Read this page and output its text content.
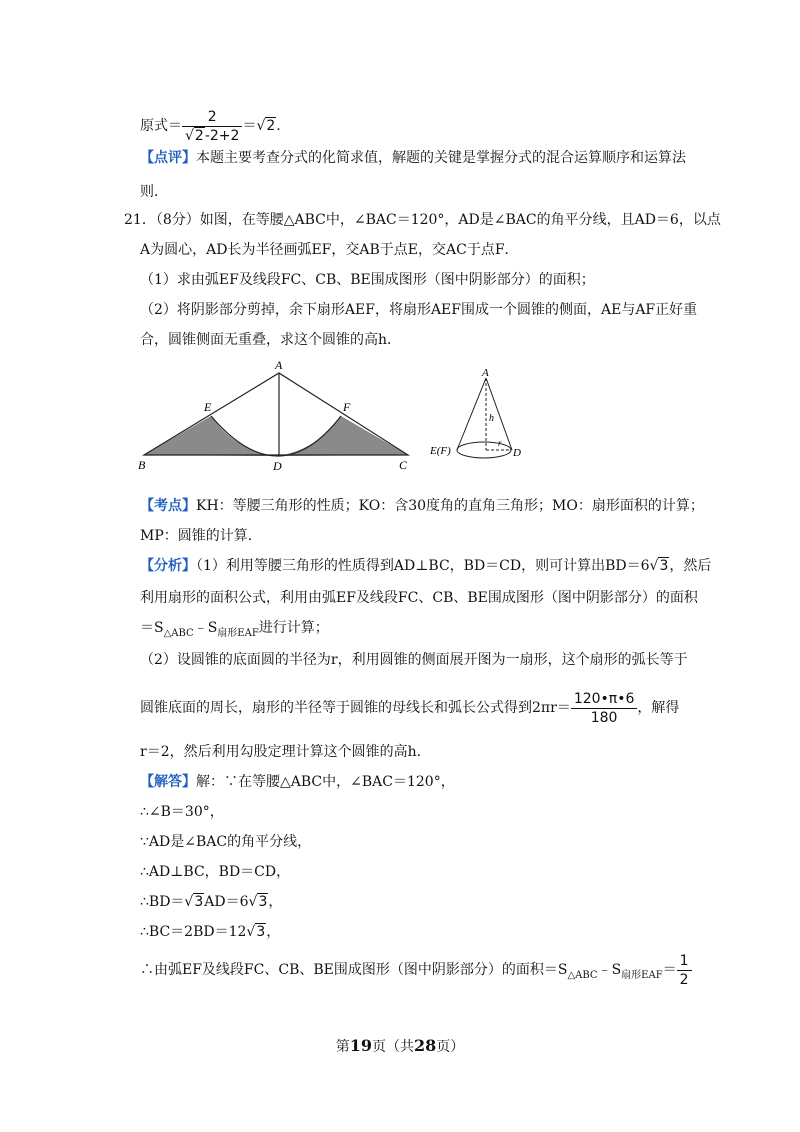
原式＝ $\frac{2}{√2-2+2} =√2$.
【点评】本题主要考查分式的化简求值，解题的关键是掌握分式的混合运算顺序和运算法
则．
21．（8分）如图，在等腰△ABC中，∠BAC＝120°，AD是∠BAC的角平分线，且AD＝6，以点
A为圆心，AD长为半径画弧EF，交AB于点E，交AC于点F．
（1）求由弧EF及线段FC、CB、BE围成图形（图中阴影部分）的面积；
（2）将阴影部分剪掉，余下扇形AEF，将扇形AEF围成一个圆锥的侧面，AE与AF正好重
合，圆锥侧面无重叠，求这个圆锥的高h．
A
B	C
D
E	F
A
h
r
E(F)	D
【考点】KH：等腰三角形的性质；KO：含30度角的直角三角形；MO：扇形面积的计算；
MP：圆锥的计算．
【分析】（1）利用等腰三角形的性质得到AD⊥BC，BD＝CD，则可计算出BD＝6√3，然后
利用扇形的面积公式，利用由弧EF及线段FC、CB、BE围成图形（图中阴影部分）的面积
$=S_{\triangle ABC}﹣S_{扇形EAF}$进行计算；
（2）设圆锥的底面圆的半径为r，利用圆锥的侧面展开图为一扇形，这个扇形的弧长等于
圆锥底面的周长，扇形的半径等于圆锥的母线长和弧长公式得到$2\pi r= \frac{120•\pi•6}{180}$ ，解得
r＝2，然后利用勾股定理计算这个圆锥的高h．
【解答】解：∵在等腰△ABC中，∠BAC＝120°，
∴∠B＝30°，
∵AD是∠BAC的角平分线，
∴AD⊥BC，BD＝CD，
∴BD＝√3AD＝6√3，
∴BC＝2BD＝12√3，
∴由弧EF及线段FC、CB、BE围成图形（图中阴影部分）的面积$=S_{\triangle ABC}﹣S_{扇形EAF}= \frac{1}{2}$
第19页（共28页）
